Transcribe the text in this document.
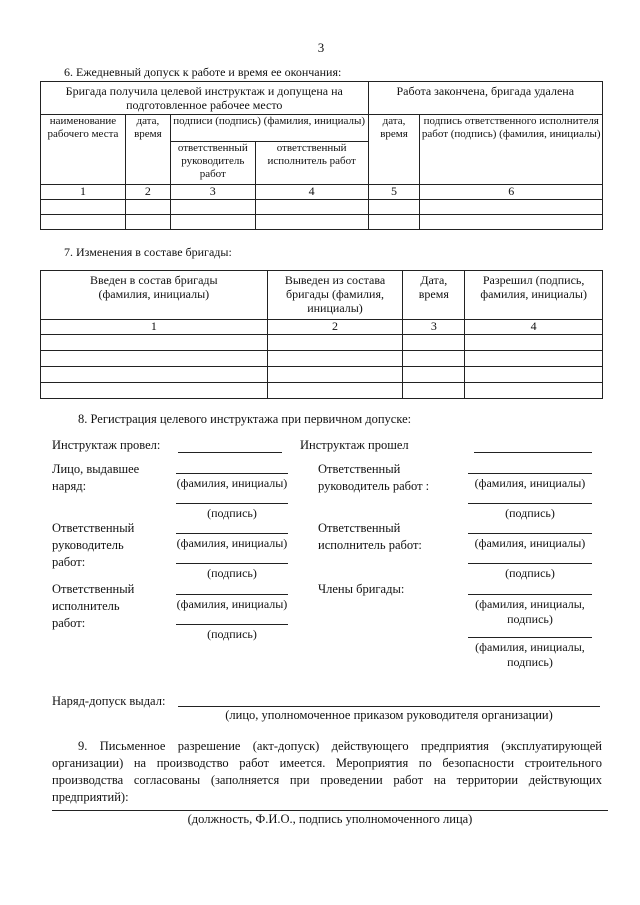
3
6. Ежедневный допуск к работе и время ее окончания:
Бригада получила целевой инструктаж и допущена на подготовленное рабочее место				Работа закончена, бригада удалена	
наименование рабочего места	дата, время	подписи (подпись) (фамилия, инициалы)		дата, время	подпись ответственного исполнителя работ (подпись) (фамилия, инициалы)
		ответственный руководитель работ	ответственный исполнитель работ		
1	2	3	4	5	6

7. Изменения в составе бригады:
Введен в состав бригады (фамилия, инициалы)	Выведен из состава бригады (фамилия, инициалы)	Дата, время	Разрешил (подпись, фамилия, инициалы)
1	2	3	4

8. Регистрация целевого инструктажа при первичном допуске:
Инструктаж провел:	Инструктаж прошел
Лицо, выдавшее наряд:	(фамилия, инициалы)
(подпись)
Ответственный руководитель работ:
(фамилия, инициалы)
(подпись)
Ответственный исполнитель работ:
(фамилия, инициалы)
(подпись)
Ответственный руководитель работ :	(фамилия, инициалы)
(подпись)
Ответственный исполнитель работ:	(фамилия, инициалы)
(подпись)
Члены бригады:
(фамилия, инициалы, подпись)
(фамилия, инициалы, подпись)
Наряд-допуск выдал:
(лицо, уполномоченное приказом руководителя организации)
9. Письменное разрешение (акт-допуск) действующего предприятия (эксплуатирующей организации) на производство работ имеется. Мероприятия по безопасности строительного производства согласованы (заполняется при проведении работ на территории действующих предприятий):
(должность, Ф.И.О., подпись уполномоченного лица)
